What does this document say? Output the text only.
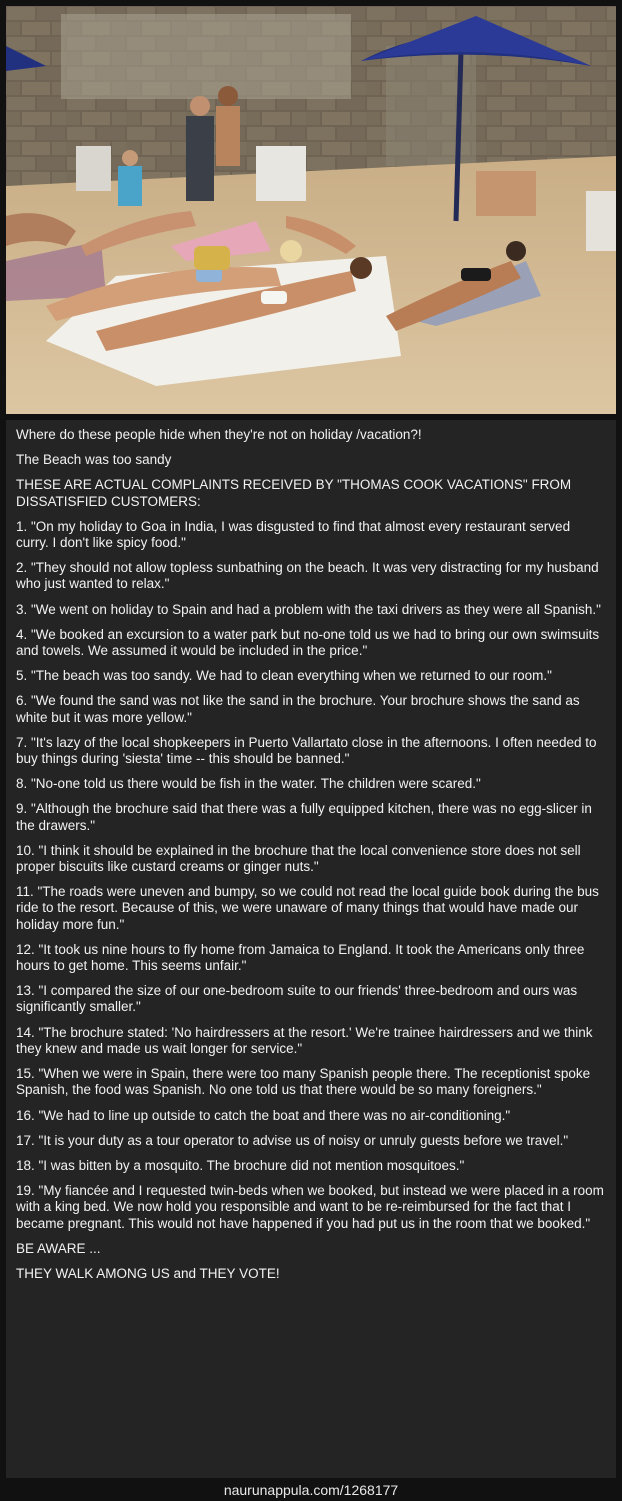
Where do these people hide when they're not on holiday /vacation?!

The Beach was too sandy

THESE ARE ACTUAL COMPLAINTS RECEIVED BY "THOMAS COOK VACATIONS" FROM DISSATISFIED CUSTOMERS:

1. "On my holiday to Goa in India, I was disgusted to find that almost every restaurant served curry. I don't like spicy food."

2. "They should not allow topless sunbathing on the beach. It was very distracting for my husband who just wanted to relax."

3. "We went on holiday to Spain and had a problem with the taxi drivers as they were all Spanish."

4. "We booked an excursion to a water park but no-one told us we had to bring our own swimsuits and towels. We assumed it would be included in the price."

5. "The beach was too sandy. We had to clean everything when we returned to our room."

6. "We found the sand was not like the sand in the brochure. Your brochure shows the sand as white but it was more yellow."

7. "It's lazy of the local shopkeepers in Puerto Vallartato close in the afternoons. I often needed to buy things during 'siesta' time -- this should be banned."

8. "No-one told us there would be fish in the water. The children were scared."

9. "Although the brochure said that there was a fully equipped kitchen, there was no egg-slicer in the drawers."

10. "I think it should be explained in the brochure that the local convenience store does not sell proper biscuits like custard creams or ginger nuts."

11. "The roads were uneven and bumpy, so we could not read the local guide book during the bus ride to the resort. Because of this, we were unaware of many things that would have made our holiday more fun."

12. "It took us nine hours to fly home from Jamaica to England. It took the Americans only three hours to get home. This seems unfair."

13. "I compared the size of our one-bedroom suite to our friends' three-bedroom and ours was significantly smaller."

14. "The brochure stated: 'No hairdressers at the resort.' We're trainee hairdressers and we think they knew and made us wait longer for service."

15. "When we were in Spain, there were too many Spanish people there. The receptionist spoke Spanish, the food was Spanish. No one told us that there would be so many foreigners."

16. "We had to line up outside to catch the boat and there was no air-conditioning."

17. "It is your duty as a tour operator to advise us of noisy or unruly guests before we travel."

18. "I was bitten by a mosquito. The brochure did not mention mosquitoes."

19. "My fiancée and I requested twin-beds when we booked, but instead we were placed in a room with a king bed. We now hold you responsible and want to be re-reimbursed for the fact that I became pregnant. This would not have happened if you had put us in the room that we booked."

BE AWARE ...

THEY WALK AMONG US and THEY VOTE!

naurunappula.com/1268177
